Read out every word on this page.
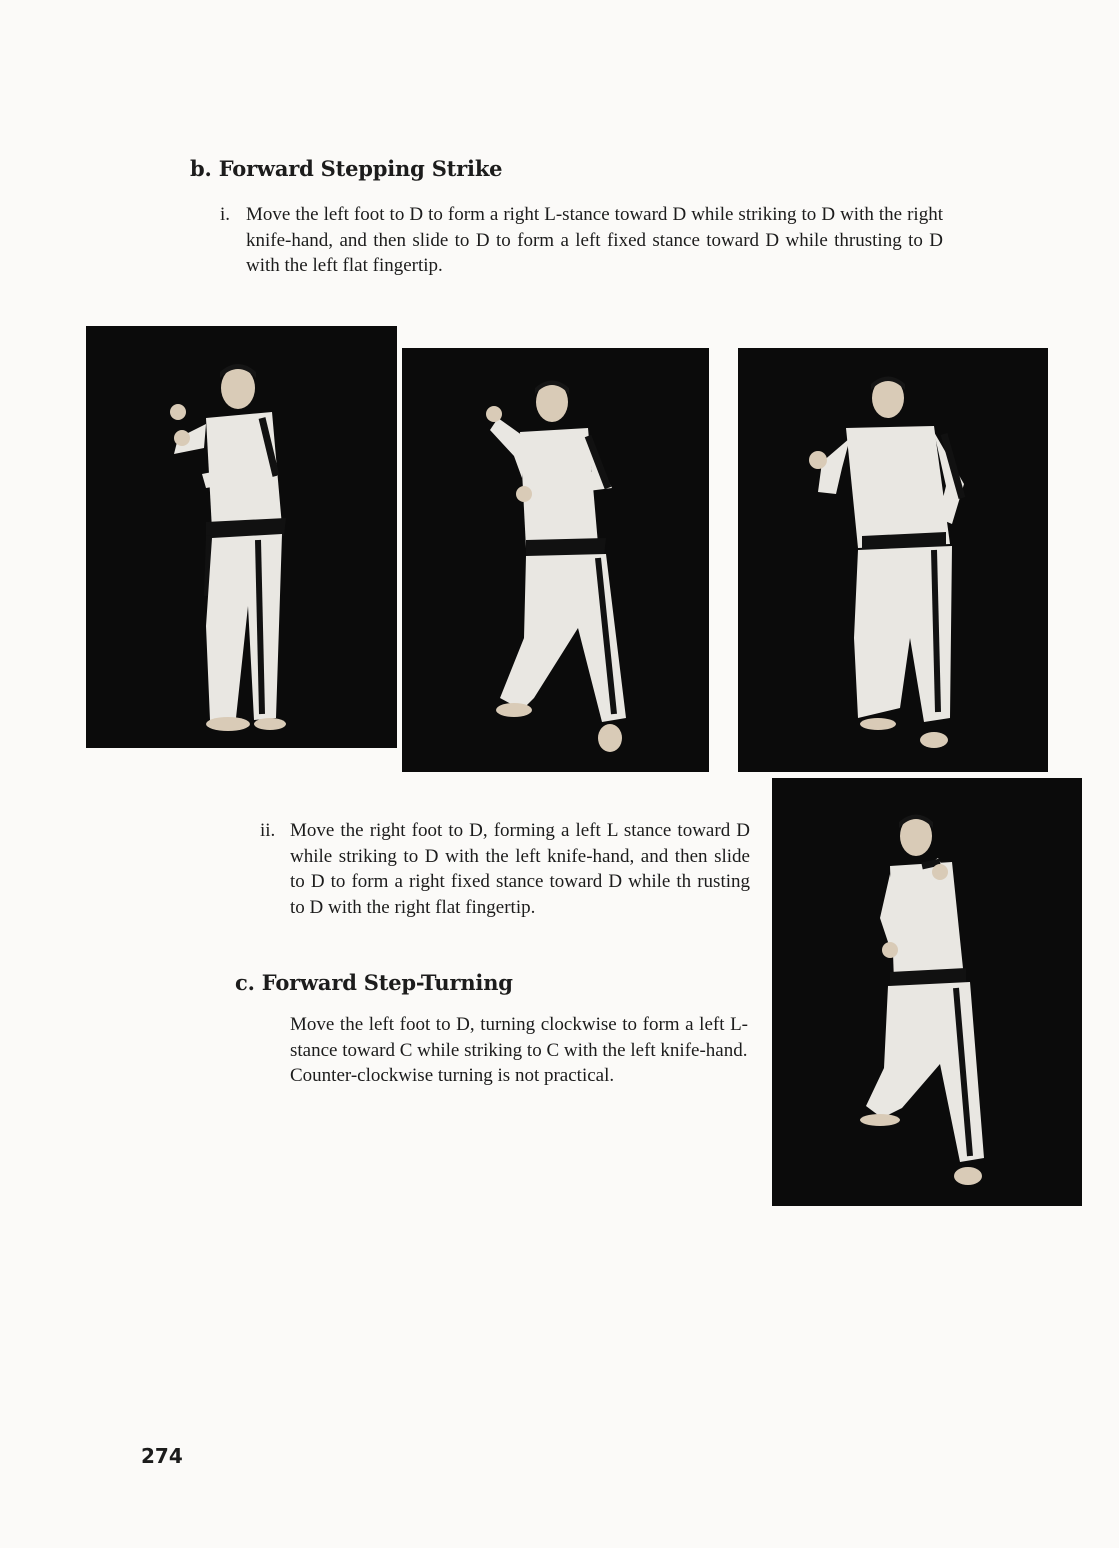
b. Forward Stepping Strike
i. Move the left foot to D to form a right L-stance toward D while striking to D with the right knife-hand, and then slide to D to form a left fixed stance toward D while thrusting to D with the left flat fingertip.
ii. Move the right foot to D, forming a left L stance toward D while striking to D with the left knife-hand, and then slide to D to form a right fixed stance toward D while th rusting to D with the right flat fingertip.
c. Forward Step-Turning
Move the left foot to D, turning clockwise to form a left L-stance toward C while striking to C with the left knife-hand.
Counter-clockwise turning is not practical.
274
